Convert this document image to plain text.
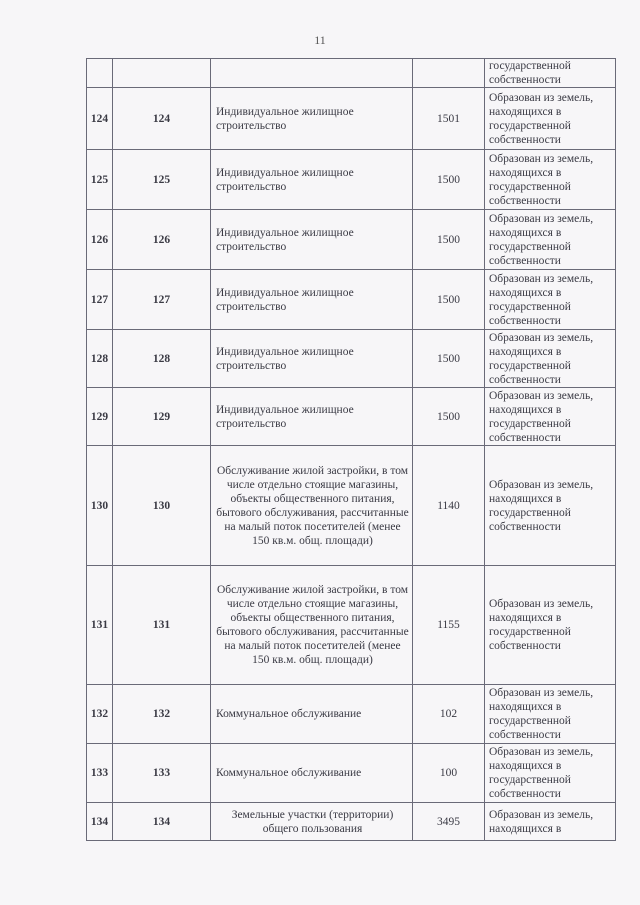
11
				государственной собственности
124	124	Индивидуальное жилищное строительство	1501	Образован из земель, находящихся в государственной собственности
125	125	Индивидуальное жилищное строительство	1500	Образован из земель, находящихся в государственной собственности
126	126	Индивидуальное жилищное строительство	1500	Образован из земель, находящихся в государственной собственности
127	127	Индивидуальное жилищное строительство	1500	Образован из земель, находящихся в государственной собственности
128	128	Индивидуальное жилищное строительство	1500	Образован из земель, находящихся в государственной собственности
129	129	Индивидуальное жилищное строительство	1500	Образован из земель, находящихся в государственной собственности
130	130	Обслуживание жилой застройки, в том числе отдельно стоящие магазины, объекты общественного питания, бытового обслуживания, рассчитанные на малый поток посетителей (менее 150 кв.м. общ. площади)	1140	Образован из земель, находящихся в государственной собственности
131	131	Обслуживание жилой застройки, в том числе отдельно стоящие магазины, объекты общественного питания, бытового обслуживания, рассчитанные на малый поток посетителей (менее 150 кв.м. общ. площади)	1155	Образован из земель, находящихся в государственной собственности
132	132	Коммунальное обслуживание	102	Образован из земель, находящихся в государственной собственности
133	133	Коммунальное обслуживание	100	Образован из земель, находящихся в государственной собственности
134	134	Земельные участки (территории) общего пользования	3495	Образован из земель, находящихся в
